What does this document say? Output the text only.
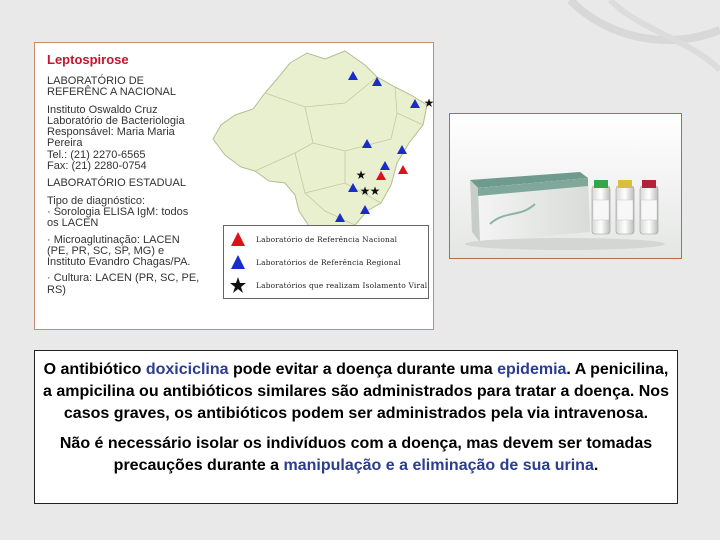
Leptospirose

LABORATÓRIO DE
REFERÊNC A NACIONAL

Instituto Oswaldo Cruz
Laboratório de Bacteriologia
Responsável: Maria Maria
Pereira
Tel.: (21) 2270-6565
Fax: (21) 2280-0754

LABORATÓRIO ESTADUAL

Tipo de diagnóstico:
· Sorologia ELISA IgM: todos
os LACEN

· Microaglutinação: LACEN
(PE, PR, SC, SP, MG) e
Instituto Evandro Chagas/PA.

· Cultura: LACEN (PR, SC, PE,
RS)

★
★
★ ★
Laboratório de Referência Nacional
Laboratórios de Referência Regional
Laboratórios que realizam Isolamento Viral

O antibiótico doxiciclina pode evitar a doença durante uma epidemia. A penicilina, a ampicilina ou antibióticos similares são administrados para tratar a doença. Nos casos graves, os antibióticos podem ser administrados pela via intravenosa.

Não é necessário isolar os indivíduos com a doença, mas devem ser tomadas precauções durante a manipulação e a eliminação de sua urina.
